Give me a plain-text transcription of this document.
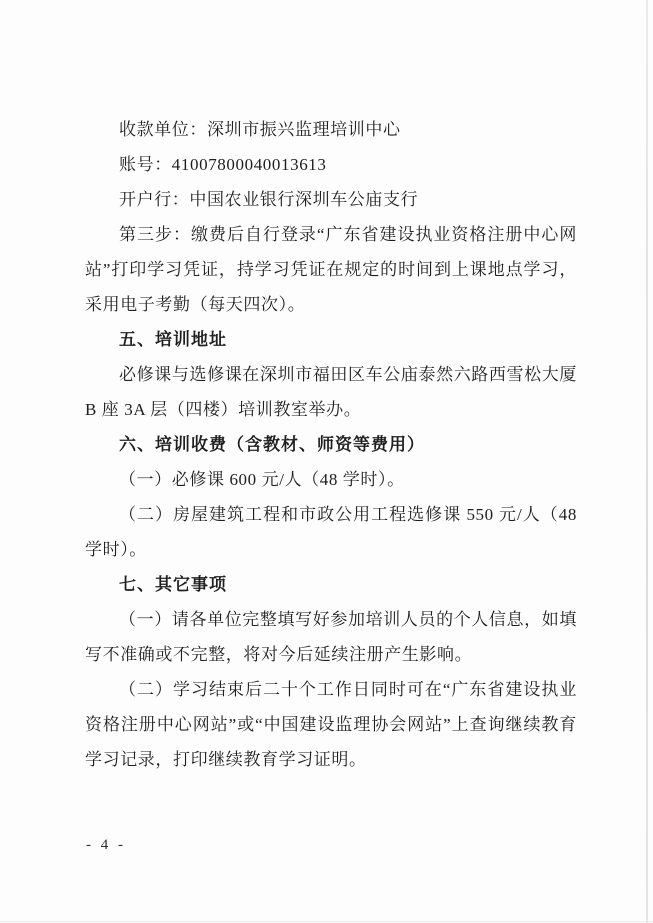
收款单位：深圳市振兴监理培训中心

账号：41007800040013613

开户行：中国农业银行深圳车公庙支行

第三步：缴费后自行登录“广东省建设执业资格注册中心网站”打印学习凭证，持学习凭证在规定的时间到上课地点学习，采用电子考勤（每天四次）。

五、培训地址

必修课与选修课在深圳市福田区车公庙泰然六路西雪松大厦 B 座 3A 层（四楼）培训教室举办。

六、培训收费（含教材、师资等费用）

（一）必修课 600 元/人（48 学时）。

（二）房屋建筑工程和市政公用工程选修课 550 元/人（48 学时）。

七、其它事项

（一）请各单位完整填写好参加培训人员的个人信息，如填写不准确或不完整，将对今后延续注册产生影响。

（二）学习结束后二十个工作日同时可在“广东省建设执业资格注册中心网站”或“中国建设监理协会网站”上查询继续教育学习记录，打印继续教育学习证明。

- 4 -
